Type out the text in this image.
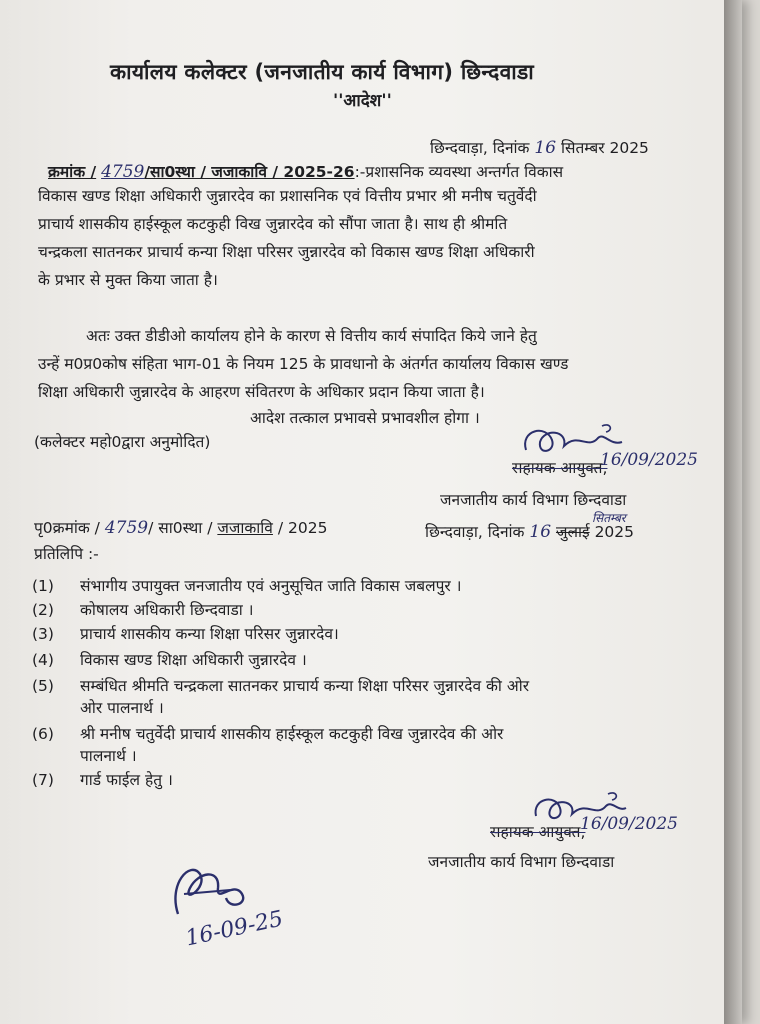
कार्यालय कलेक्टर (जनजातीय कार्य विभाग) छिन्दवाडा
''आदेश''
छिन्दवाड़ा, दिनांक 16 सितम्बर 2025
क्रमांक / 4759/सा0स्था / जजाकावि / 2025-26:-प्रशासनिक व्यवस्था अन्तर्गत विकास
विकास खण्ड शिक्षा अधिकारी जुन्नारदेव का प्रशासनिक एवं वित्तीय प्रभार श्री मनीष चतुर्वेदी
प्राचार्य शासकीय हाईस्कूल कटकुही विख जुन्नारदेव को सौंपा जाता है। साथ ही श्रीमति
चन्द्रकला सातनकर प्राचार्य कन्या शिक्षा परिसर जुन्नारदेव को विकास खण्ड शिक्षा अधिकारी
के प्रभार से मुक्त किया जाता है।
अतः उक्त डीडीओ कार्यालय होने के कारण से वित्तीय कार्य संपादित किये जाने हेतु
उन्हें म0प्र0कोष संहिता भाग-01 के नियम 125 के प्रावधानो के अंतर्गत कार्यालय विकास खण्ड
शिक्षा अधिकारी जुन्नारदेव के आहरण संवितरण के अधिकार प्रदान किया जाता है।
आदेश तत्काल प्रभावसे प्रभावशील होगा ।
(कलेक्टर महो0द्वारा अनुमोदित)
सहायक आयुक्त,
16/09/2025
जनजातीय कार्य विभाग छिन्दवाडा
पृ0क्रमांक / 4759/ सा0स्था / जजाकावि / 2025	छिन्दवाड़ा, दिनांक 16 जुलाई 2025
सितम्बर
प्रतिलिपि :-
(1) संभागीय उपायुक्त जनजातीय एवं अनुसूचित जाति विकास जबलपुर ।
(2) कोषालय अधिकारी छिन्दवाडा ।
(3) प्राचार्य शासकीय कन्या शिक्षा परिसर जुन्नारदेव।
(4) विकास खण्ड शिक्षा अधिकारी जुन्नारदेव ।
(5) सम्बंधित श्रीमति चन्द्रकला सातनकर प्राचार्य कन्या शिक्षा परिसर जुन्नारदेव की ओर
ओर पालनार्थ ।
(6) श्री मनीष चतुर्वेदी प्राचार्य शासकीय हाईस्कूल कटकुही विख जुन्नारदेव की ओर
पालनार्थ ।
(7) गार्ड फाईल हेतु ।
सहायक आयुक्त,
16/09/2025
जनजातीय कार्य विभाग छिन्दवाडा
16-09-25
